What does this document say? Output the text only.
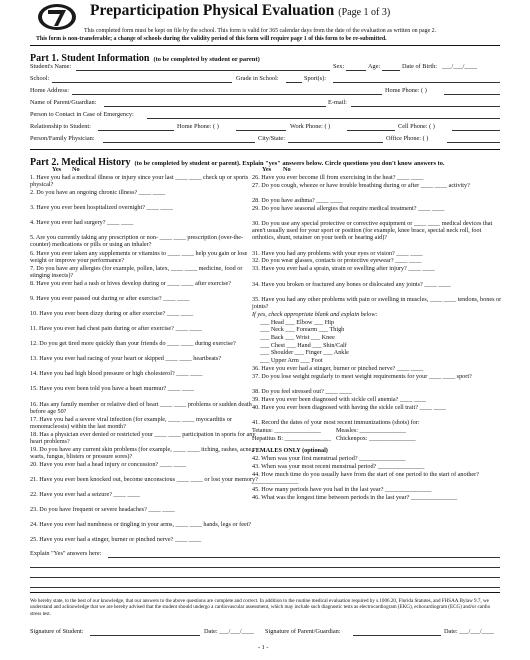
Preparticipation Physical Evaluation (Page 1 of 3)
This completed form must be kept on file by the school. This form is valid for 365 calendar days from the date of the evaluation as written on page 2.
This form is non-transferable; a change of schools during the validity period of this form will require page 1 of this form to be re-submitted.
Part 1. Student Information (to be completed by student or parent)
Student's Name:	Sex:	Age:	Date of Birth: ___/___/____
School:	Grade in School:	Sport(s):
Home Address:	Home Phone: ( )
Name of Parent/Guardian:	E-mail:
Person to Contact in Case of Emergency:
Relationship to Student:	Home Phone: ( )	Work Phone: ( )	Cell Phone: ( )
Person/Family Physician:	City/State:	Office Phone: ( )
Part 2. Medical History (to be completed by student or parent). Explain "yes" answers below. Circle questions you don't know answers to.
Yes No	Yes No
1. Have you had a medical illness or injury since your last ____ ____ check up or sports physical?
2. Do you have an ongoing chronic illness? ____ ____
3. Have you ever been hospitalized overnight? ____ ____
4. Have you ever had surgery? ____ ____
5. Are you currently taking any prescription or non- ____ ____ prescription (over-the-counter) medications or pills or using an inhaler?
6. Have you ever taken any supplements or vitamins to ____ ____ help you gain or lose weight or improve your performance?
7. Do you have any allergies (for example, pollen, latex, ____ ____ medicine, food or stinging insects)?
8. Have you ever had a rash or hives develop during or ____ ____ after exercise?
9. Have you ever passed out during or after exercise? ____ ____
10. Have you ever been dizzy during or after exercise? ____ ____
11. Have you ever had chest pain during or after exercise? ____ ____
12. Do you get tired more quickly than your friends do ____ ____ during exercise?
13. Have you ever had racing of your heart or skipped ____ ____ heartbeats?
14. Have you had high blood pressure or high cholesterol? ____ ____
15. Have you ever been told you have a heart murmur? ____ ____
16. Has any family member or relative died of heart ____ ____ problems or sudden death before age 50?
17. Have you had a severe viral infection (for example, ____ ____ myocarditis or mononucleosis) within the last month?
18. Has a physician ever denied or restricted your ____ ____ participation in sports for any heart problems?
19. Do you have any current skin problems (for example, ____ ____ itching, rashes, acne, warts, fungus, blisters or pressure sores)?
20. Have you ever had a head injury or concussion? ____ ____
21. Have you ever been knocked out, become unconscious ____ ____ or lost your memory?
22. Have you ever had a seizure? ____ ____
23. Do you have frequent or severe headaches? ____ ____
24. Have you ever had numbness or tingling in your arms, ____ ____ hands, legs or feet?
25. Have you ever had a stinger, burner or pinched nerve? ____ ____
26. Have you ever become ill from exercising in the heat? ____ ____
27. Do you cough, wheeze or have trouble breathing during or after ____ ____ activity?
28. Do you have asthma? ____ ____
29. Do you have seasonal allergies that require medical treatment? ____ ____
30. Do you use any special protective or corrective equipment or ____ ____ medical devices that aren't usually used for your sport or position (for example, knee brace, special neck roll, foot orthotics, shunt, retainer on your teeth or hearing aid)?
31. Have you had any problems with your eyes or vision? ____ ____
32. Do you wear glasses, contacts or protective eyewear? ____ ____
33. Have you ever had a sprain, strain or swelling after injury? ____ ____
34. Have you broken or fractured any bones or dislocated any joints? ____ ____
35. Have you had any other problems with pain or swelling in muscles, ____ ____ tendons, bones or joints?
If yes, check appropriate blank and explain below:
___ Head ___ Elbow ___ Hip
___ Neck ___ Forearm ___ Thigh
___ Back ___ Wrist ___ Knee
___ Chest ___ Hand ___ Shin/Calf
___ Shoulder ___ Finger ___ Ankle
___ Upper Arm ___ Foot
36. Have you ever had a stinger, burner or pinched nerve? ____ ____
37. Do you lose weight regularly to meet weight requirements for your ____ ____ sport?
38. Do you feel stressed out? ____ ____
39. Have you ever been diagnosed with sickle cell anemia? ____ ____
40. Have you ever been diagnosed with having the sickle cell trait? ____ ____
41. Record the dates of your most recent immunizations (shots) for:
Tetanus: _______________ Measles: _______________
Hepatitus B: _______________ Chickenpox: _______________
FEMALES ONLY (optional)
42. When was your first menstrual period? _______________
43. When was your most recent menstrual period? _______________
44. How much time do you usually have from the start of one period to the start of another? _______________
45. How many periods have you had in the last year? _______________
46. What was the longest time between periods in the last year? _______________
Explain "Yes" answers here:
We hereby state, to the best of our knowledge, that our answers to the above questions are complete and correct. In addition to the routine medical evaluation required by s.1006.20, Florida Statutes, and FHSAA Bylaw 9.7, we understand and acknowledge that we are hereby advised that the student should undergo a cardiovascular assessment, which may include such diagnostic tests as electrocardiogram (EKG), echocardiogram (ECG) and/or cardio stress test.
Signature of Student:	Date: ___/___/____ Signature of Parent/Guardian:	Date: ___/___/____
- 1 -
